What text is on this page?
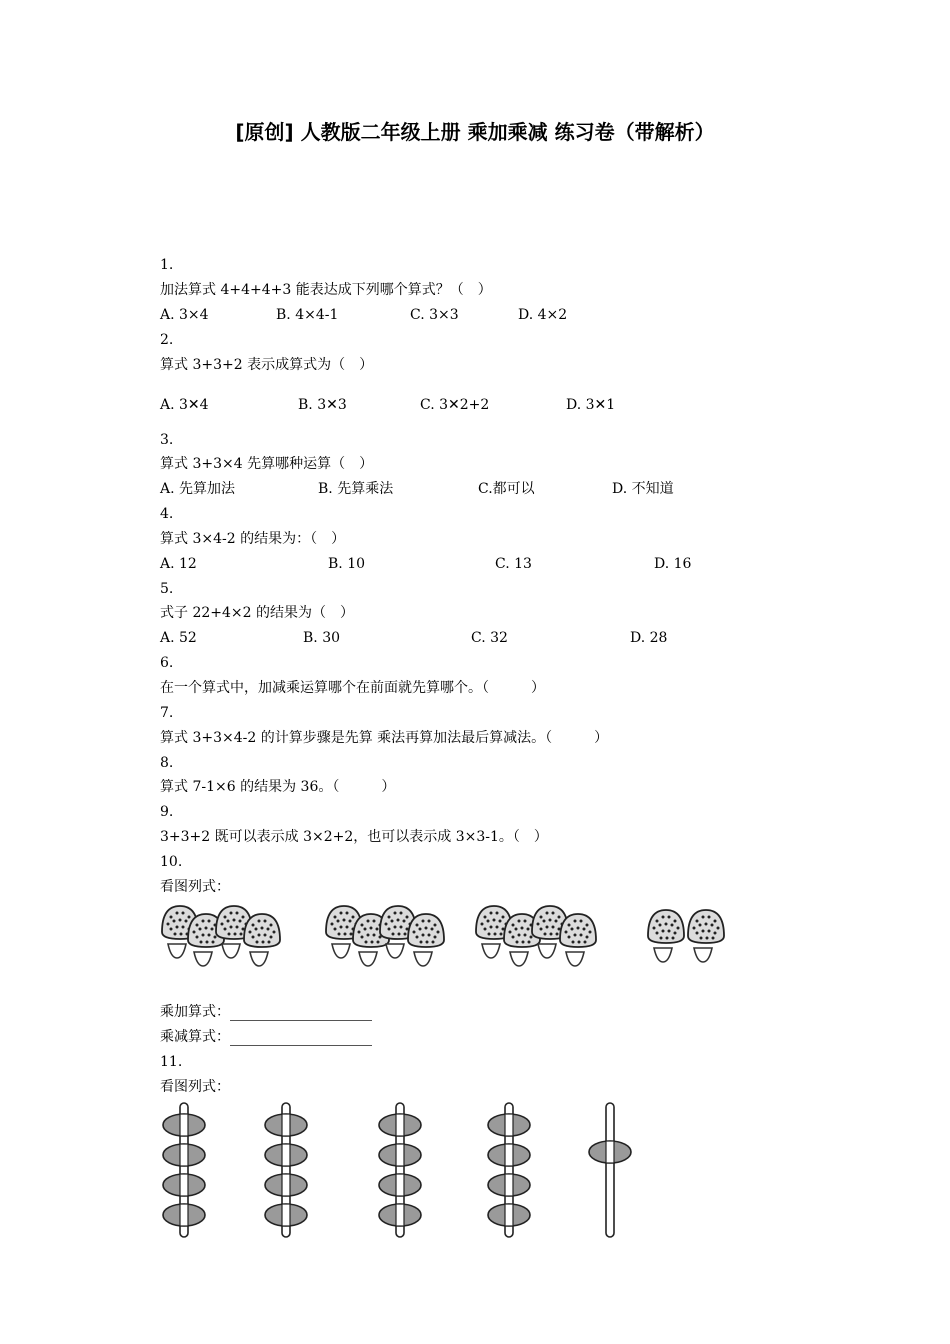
[原创] 人教版二年级上册 乘加乘减 练习卷（带解析）
1.
加法算式 4+4+4+3 能表达成下列哪个算式？（　）
A. 3×4	B. 4×4-1	C. 3×3	D. 4×2
2.
算式 3+3+2 表示成算式为（　）
A. 3✕4	B. 3✕3	C. 3✕2+2	D. 3✕1
3.
算式 3+3×4 先算哪种运算（　）
A. 先算加法	B. 先算乘法	C.都可以	D. 不知道
4.
算式 3×4-2 的结果为：（　）
A. 12	B. 10	C. 13	D. 16
5.
式子 22+4×2 的结果为（　）
A. 52	B. 30	C. 32	D. 28
6.
在一个算式中，加减乘运算哪个在前面就先算哪个。（　　　）
7.
算式 3+3×4-2 的计算步骤是先算 乘法再算加法最后算减法。（　　　）
8.
算式 7-1×6 的结果为 36。（　　　）
9.
3+3+2 既可以表示成 3×2+2，也可以表示成 3×3-1。（　）
10.
看图列式：
乘加算式：
乘减算式：
11.
看图列式：
